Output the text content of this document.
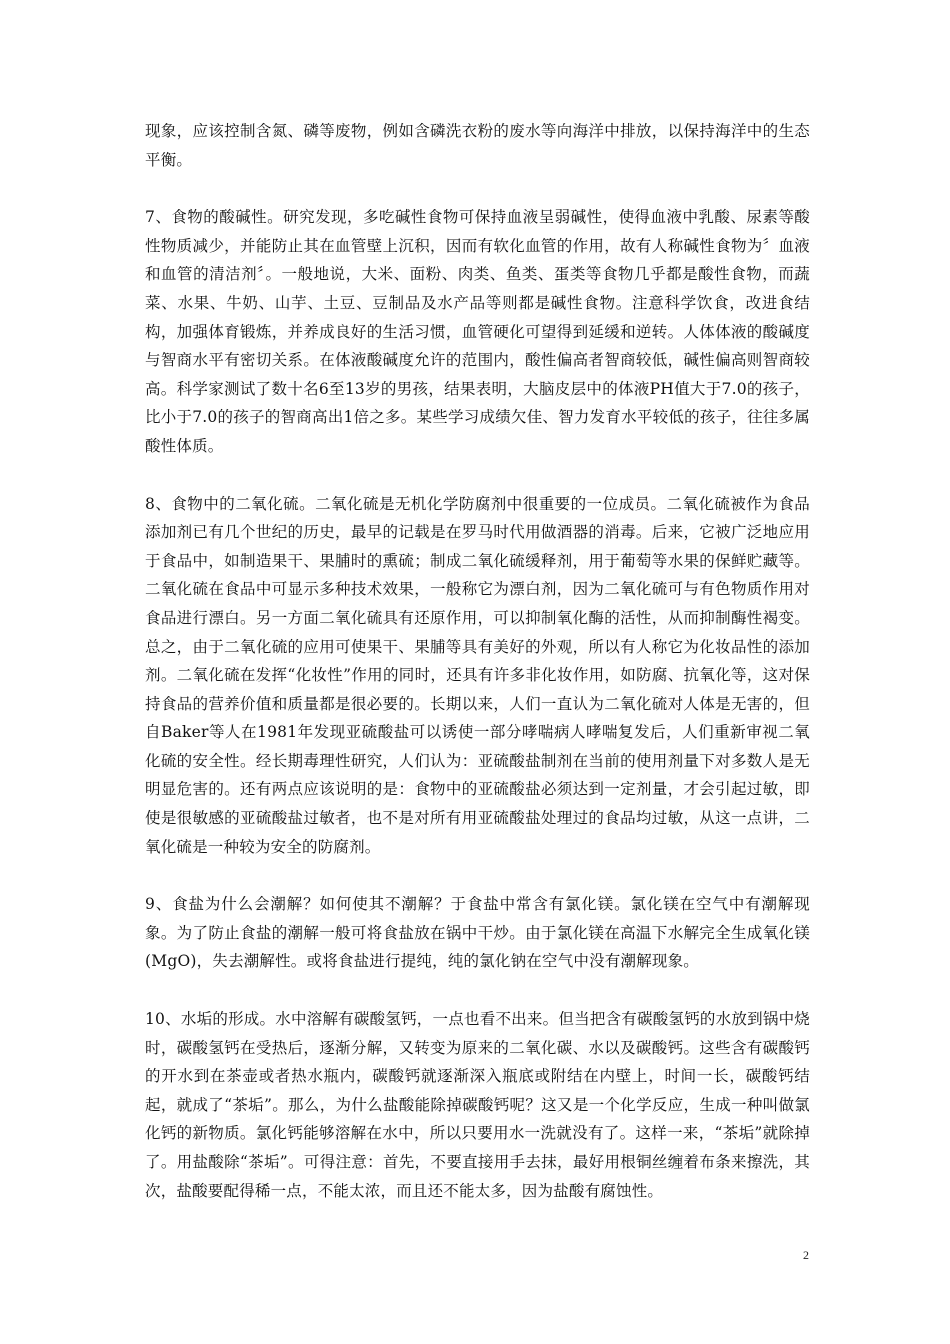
现象，应该控制含氮、磷等废物，例如含磷洗衣粉的废水等向海洋中排放，以保持海洋中的生态平衡。

7、食物的酸碱性。研究发现，多吃碱性食物可保持血液呈弱碱性，使得血液中乳酸、尿素等酸性物质减少，并能防止其在血管壁上沉积，因而有软化血管的作用，故有人称碱性食物为〞血液和血管的清洁剂〞。一般地说，大米、面粉、肉类、鱼类、蛋类等食物几乎都是酸性食物，而蔬菜、水果、牛奶、山芋、土豆、豆制品及水产品等则都是碱性食物。注意科学饮食，改进食结构，加强体育锻炼，并养成良好的生活习惯，血管硬化可望得到延缓和逆转。人体体液的酸碱度与智商水平有密切关系。在体液酸碱度允许的范围内，酸性偏高者智商较低，碱性偏高则智商较高。科学家测试了数十名6至13岁的男孩，结果表明，大脑皮层中的体液PH值大于7.0的孩子，比小于7.0的孩子的智商高出1倍之多。某些学习成绩欠佳、智力发育水平较低的孩子，往往多属酸性体质。

8、食物中的二氧化硫。二氧化硫是无机化学防腐剂中很重要的一位成员。二氧化硫被作为食品添加剂已有几个世纪的历史，最早的记载是在罗马时代用做酒器的消毒。后来，它被广泛地应用于食品中，如制造果干、果脯时的熏硫；制成二氧化硫缓释剂，用于葡萄等水果的保鲜贮藏等。二氧化硫在食品中可显示多种技术效果，一般称它为漂白剂，因为二氧化硫可与有色物质作用对食品进行漂白。另一方面二氧化硫具有还原作用，可以抑制氧化酶的活性，从而抑制酶性褐变。总之，由于二氧化硫的应用可使果干、果脯等具有美好的外观，所以有人称它为化妆品性的添加剂。二氧化硫在发挥“化妆性”作用的同时，还具有许多非化妆作用，如防腐、抗氧化等，这对保持食品的营养价值和质量都是很必要的。长期以来，人们一直认为二氧化硫对人体是无害的，但自Baker等人在1981年发现亚硫酸盐可以诱使一部分哮喘病人哮喘复发后，人们重新审视二氧化硫的安全性。经长期毒理性研究，人们认为：亚硫酸盐制剂在当前的使用剂量下对多数人是无明显危害的。还有两点应该说明的是：食物中的亚硫酸盐必须达到一定剂量，才会引起过敏，即使是很敏感的亚硫酸盐过敏者，也不是对所有用亚硫酸盐处理过的食品均过敏，从这一点讲，二氧化硫是一种较为安全的防腐剂。

9、食盐为什么会潮解？如何使其不潮解？于食盐中常含有氯化镁。氯化镁在空气中有潮解现象。为了防止食盐的潮解一般可将食盐放在锅中干炒。由于氯化镁在高温下水解完全生成氧化镁(MgO)，失去潮解性。或将食盐进行提纯，纯的氯化钠在空气中没有潮解现象。

10、水垢的形成。水中溶解有碳酸氢钙，一点也看不出来。但当把含有碳酸氢钙的水放到锅中烧时，碳酸氢钙在受热后，逐渐分解，又转变为原来的二氧化碳、水以及碳酸钙。这些含有碳酸钙的开水到在茶壶或者热水瓶内，碳酸钙就逐渐深入瓶底或附结在内壁上，时间一长，碳酸钙结起，就成了“茶垢”。那么，为什么盐酸能除掉碳酸钙呢？这又是一个化学反应，生成一种叫做氯化钙的新物质。氯化钙能够溶解在水中，所以只要用水一洗就没有了。这样一来，“茶垢”就除掉了。用盐酸除“茶垢”。可得注意：首先，不要直接用手去抹，最好用根铜丝缠着布条来擦洗，其次，盐酸要配得稀一点，不能太浓，而且还不能太多，因为盐酸有腐蚀性。

2
